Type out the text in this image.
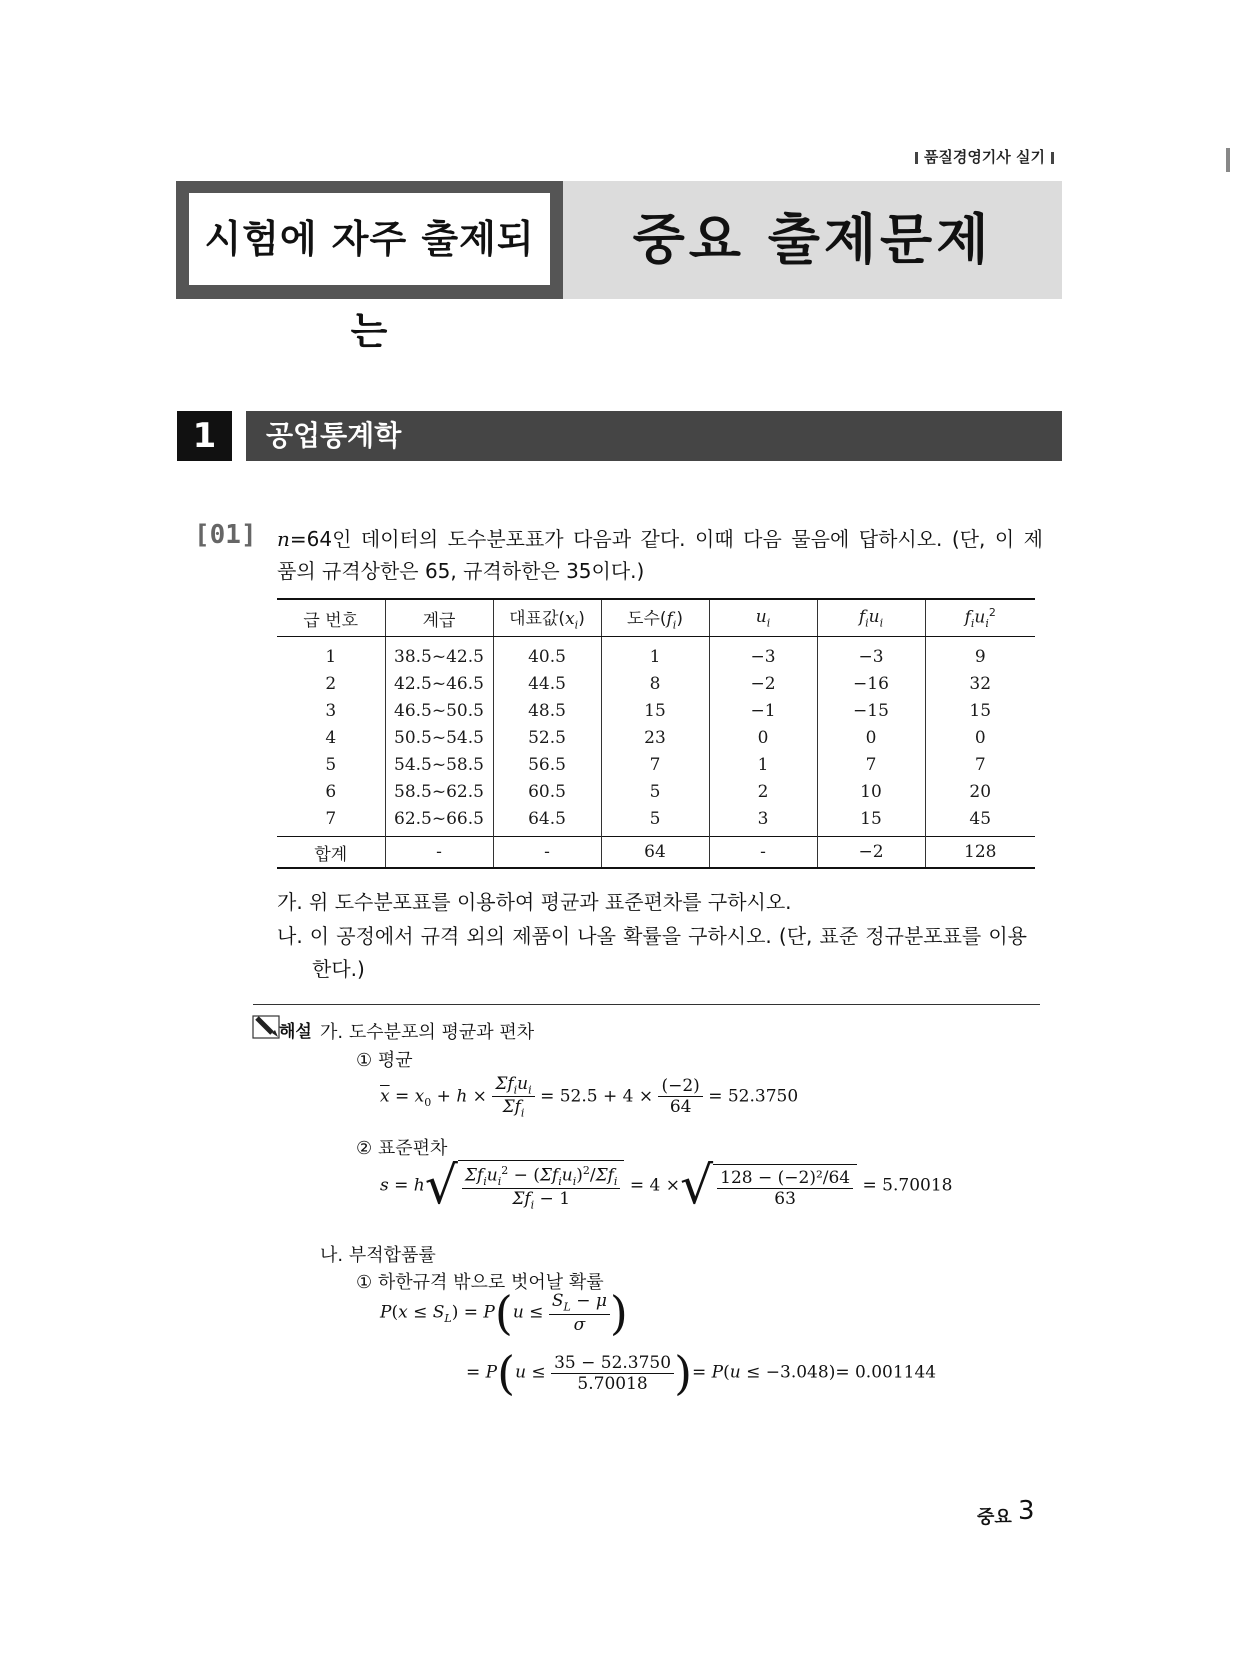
품질경영기사 실기
시험에 자주 출제되는
중요 출제문제
1	공업통계학
[01] n=64인 데이터의 도수분포표가 다음과 같다. 이때 다음 물음에 답하시오. (단, 이 제
품의 규격상한은 65, 규격하한은 35이다.)
급 번호	계급	대표값$(x_i)$	도수$(f_i)$	$u_i$	$f_iu_i$	$f_iu_i^2$
1	38.5~42.5	40.5	1	−3	−3	9
2	42.5~46.5	44.5	8	−2	−16	32
3	46.5~50.5	48.5	15	−1	−15	15
4	50.5~54.5	52.5	23	0	0	0
5	54.5~58.5	56.5	7	1	7	7
6	58.5~62.5	60.5	5	2	10	20
7	62.5~66.5	64.5	5	3	15	45
합계	-	-	64	-	−2	128
가. 위 도수분포표를 이용하여 평균과 표준편차를 구하시오.
나. 이 공정에서 규격 외의 제품이 나올 확률을 구하시오. (단, 표준 정규분포표를 이용
한다.)
해설 가. 도수분포의 평균과 편차
① 평균
$\overline{x} = x_0 + h \times \frac{\Sigma f_iu_i}{\Sigma f_i} = 52.5 + 4 \times \frac{(-2)}{64} = 52.3750$
② 표준편차
$s = h√ \frac{\Sigma f_iu_i^2 - (\Sigma f_iu_i)^2/\Sigma f_i}{\Sigma f_i - 1} = 4$ ×√ $\frac{\text{128 − (−2)²/64}}{63} = 5.70018$
나. 부적합품률
① 하한규격 밖으로 벗어날 확률
$P(x \le S_L) = P(u \le \frac{S_L - \mu}{\sigma}$ )
= $P(u \le \frac{35 - 52.3750}{5.70018}$ )= P(u ≤ −3.048)= 0.001144
중요 3
